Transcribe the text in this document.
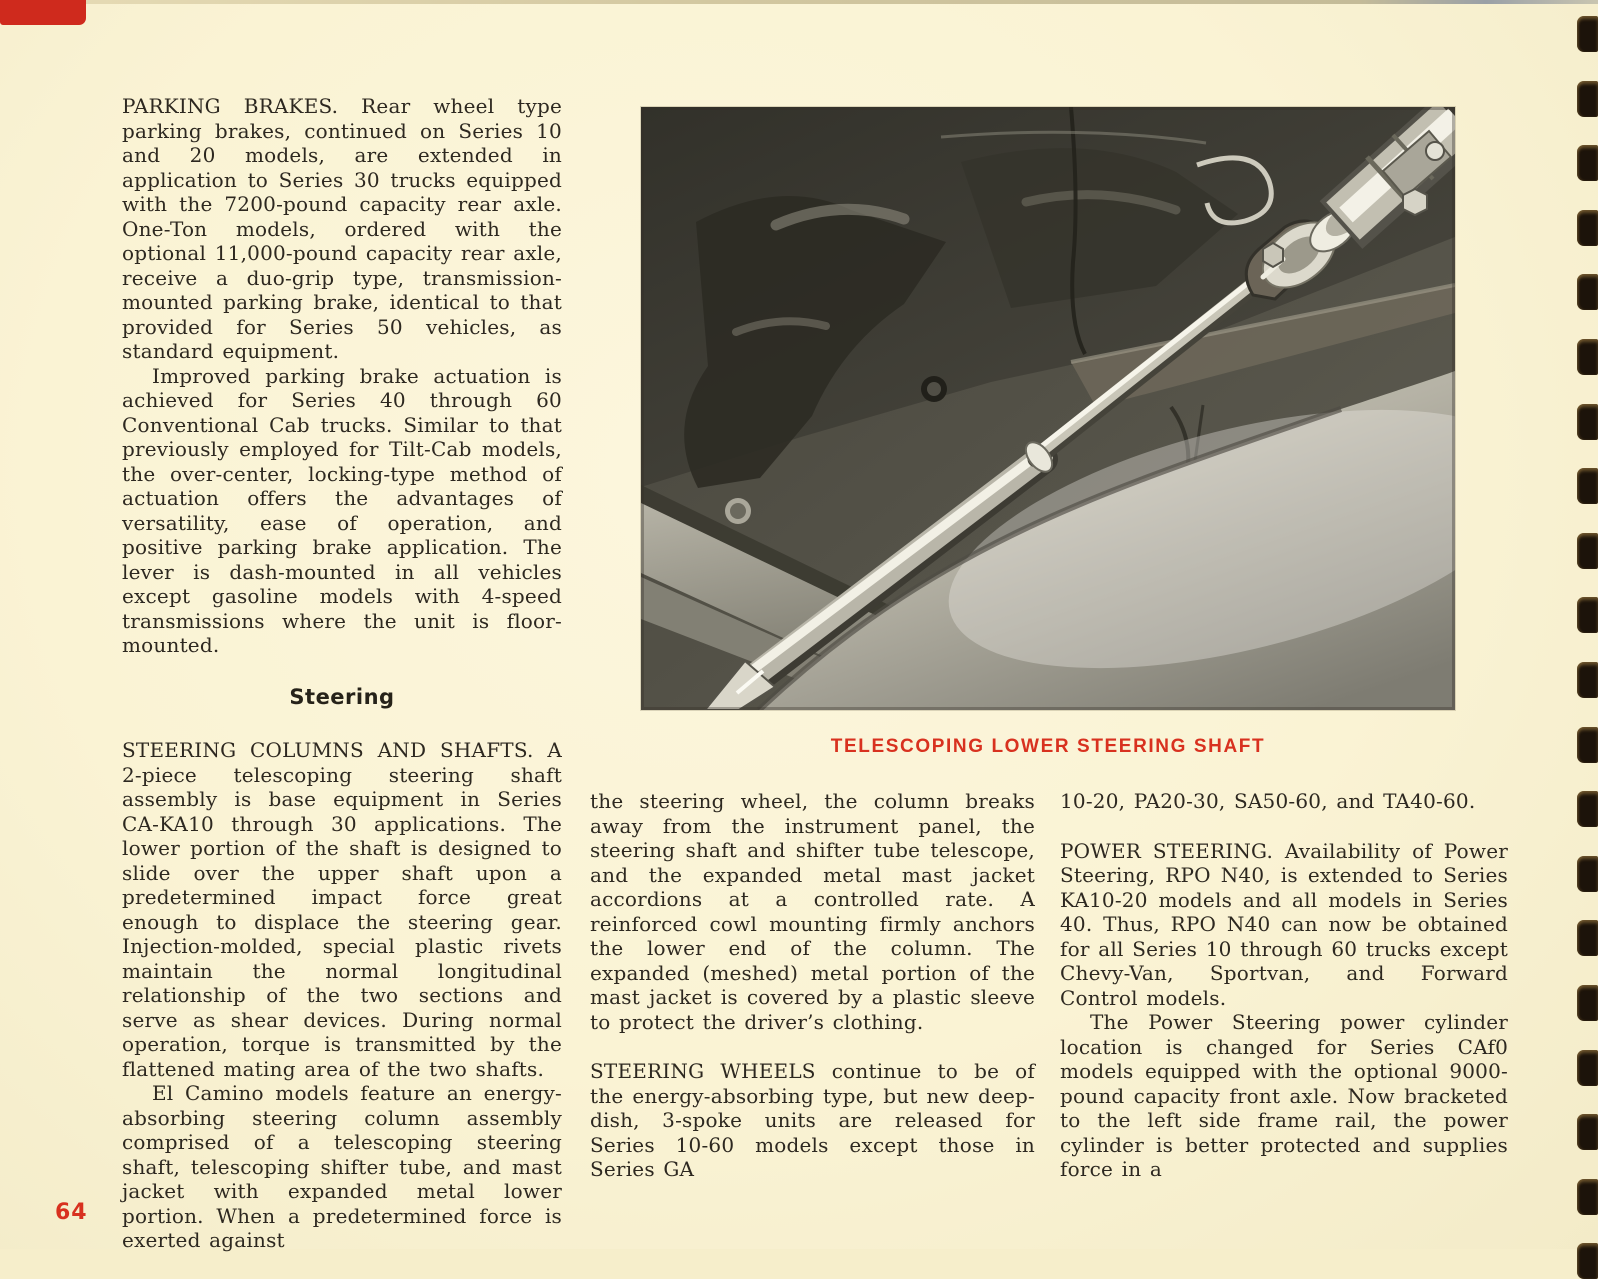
PARKING BRAKES. Rear wheel type parking brakes, continued on Series 10 and 20 models, are extended in application to Series 30 trucks equipped with the 7200-pound capacity rear axle. One-Ton models, ordered with the optional 11,000-pound capacity rear axle, receive a duo-grip type, transmission-mounted parking brake, identical to that provided for Series 50 vehicles, as standard equipment.

Improved parking brake actuation is achieved for Series 40 through 60 Conventional Cab trucks. Similar to that previously employed for Tilt-Cab models, the over-center, locking-type method of actuation offers the advantages of versatility, ease of operation, and positive parking brake application. The lever is dash-mounted in all vehicles except gasoline models with 4-speed transmissions where the unit is floor-mounted.

Steering

STEERING COLUMNS AND SHAFTS. A 2-piece telescoping steering shaft assembly is base equipment in Series CA-KA10 through 30 applications. The lower portion of the shaft is designed to slide over the upper shaft upon a predetermined impact force great enough to displace the steering gear. Injection-molded, special plastic rivets maintain the normal longitudinal relationship of the two sections and serve as shear devices. During normal operation, torque is transmitted by the flattened mating area of the two shafts.

El Camino models feature an energy-absorbing steering column assembly comprised of a telescoping steering shaft, telescoping shifter tube, and mast jacket with expanded metal lower portion. When a predetermined force is exerted against

TELESCOPING LOWER STEERING SHAFT

the steering wheel, the column breaks away from the instrument panel, the steering shaft and shifter tube telescope, and the expanded metal mast jacket accordions at a controlled rate. A reinforced cowl mounting firmly anchors the lower end of the column. The expanded (meshed) metal portion of the mast jacket is covered by a plastic sleeve to protect the driver’s clothing.

STEERING WHEELS continue to be of the energy-absorbing type, but new deep-dish, 3-spoke units are released for Series 10-60 models except those in Series GA

10-20, PA20-30, SA50-60, and TA40-60.

POWER STEERING. Availability of Power Steering, RPO N40, is extended to Series KA10-20 models and all models in Series 40. Thus, RPO N40 can now be obtained for all Series 10 through 60 trucks except Chevy-Van, Sportvan, and Forward Control models.

The Power Steering power cylinder location is changed for Series CAf0 models equipped with the optional 9000-pound capacity front axle. Now bracketed to the left side frame rail, the power cylinder is better protected and supplies force in a

64
